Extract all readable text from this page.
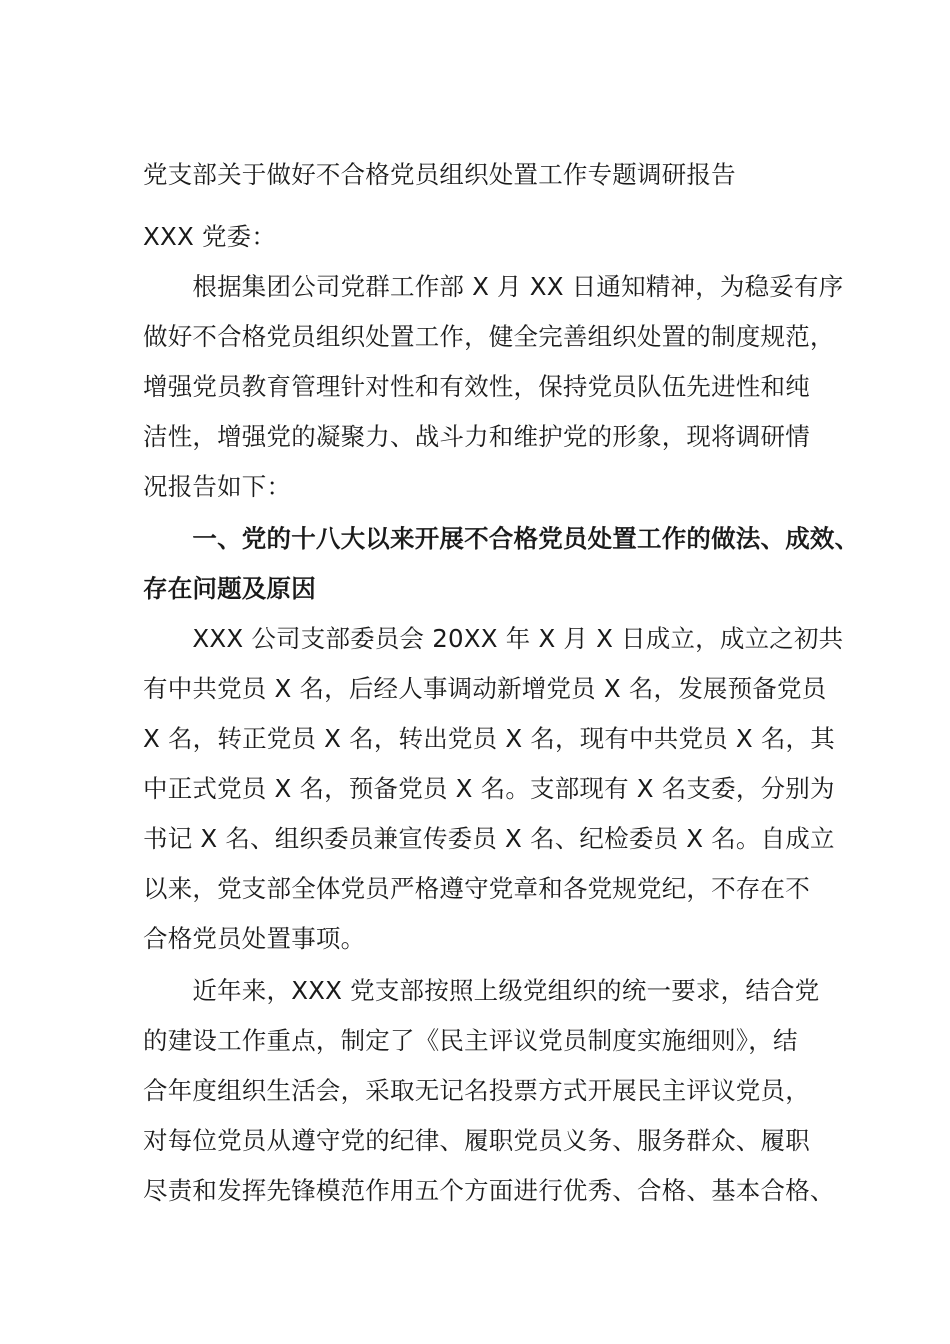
党支部关于做好不合格党员组织处置工作专题调研报告
XXX 党委：
　　根据集团公司党群工作部 X 月 XX 日通知精神，为稳妥有序
做好不合格党员组织处置工作，健全完善组织处置的制度规范，
增强党员教育管理针对性和有效性，保持党员队伍先进性和纯
洁性，增强党的凝聚力、战斗力和维护党的形象，现将调研情
况报告如下：
　　一、党的十八大以来开展不合格党员处置工作的做法、成效、
存在问题及原因
　　XXX 公司支部委员会 20XX 年 X 月 X 日成立，成立之初共
有中共党员 X 名，后经人事调动新增党员 X 名，发展预备党员
X 名，转正党员 X 名，转出党员 X 名，现有中共党员 X 名，其
中正式党员 X 名，预备党员 X 名。支部现有 X 名支委，分别为
书记 X 名、组织委员兼宣传委员 X 名、纪检委员 X 名。自成立
以来，党支部全体党员严格遵守党章和各党规党纪，不存在不
合格党员处置事项。
　　近年来，XXX 党支部按照上级党组织的统一要求，结合党
的建设工作重点，制定了《民主评议党员制度实施细则》，结
合年度组织生活会，采取无记名投票方式开展民主评议党员，
对每位党员从遵守党的纪律、履职党员义务、服务群众、履职
尽责和发挥先锋模范作用五个方面进行优秀、合格、基本合格、
